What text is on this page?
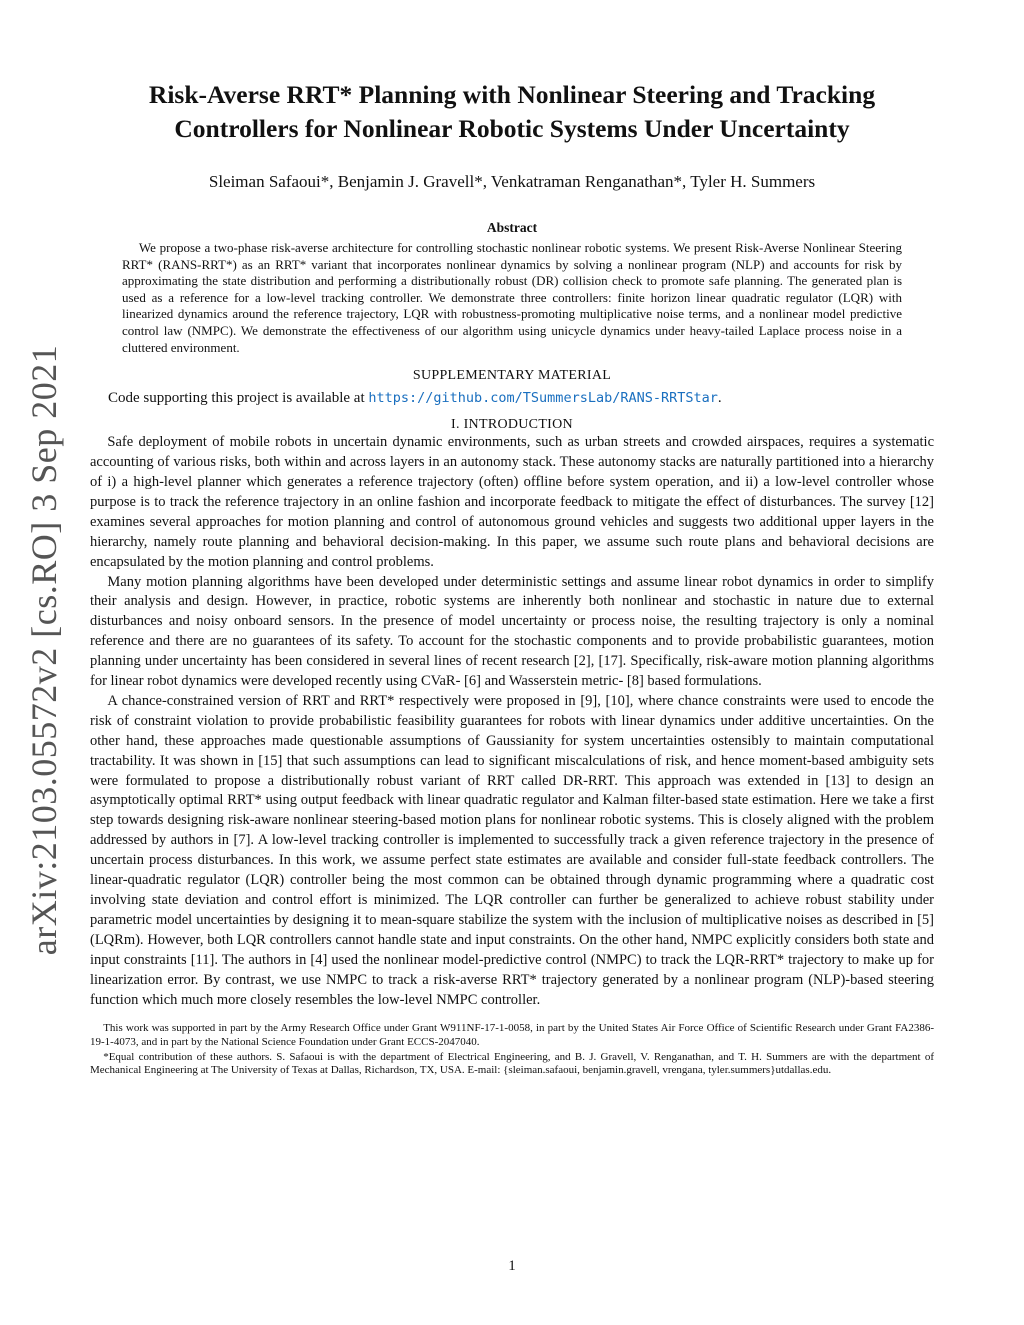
arXiv:2103.05572v2 [cs.RO] 3 Sep 2021
Risk-Averse RRT* Planning with Nonlinear Steering and Tracking
Controllers for Nonlinear Robotic Systems Under Uncertainty
Sleiman Safaoui*, Benjamin J. Gravell*, Venkatraman Renganathan*, Tyler H. Summers
Abstract

We propose a two-phase risk-averse architecture for controlling stochastic nonlinear robotic systems. We present Risk-Averse Nonlinear Steering RRT* (RANS-RRT*) as an RRT* variant that incorporates nonlinear dynamics by solving a nonlinear program (NLP) and accounts for risk by approximating the state distribution and performing a distributionally robust (DR) collision check to promote safe planning. The generated plan is used as a reference for a low-level tracking controller. We demonstrate three controllers: finite horizon linear quadratic regulator (LQR) with linearized dynamics around the reference trajectory, LQR with robustness-promoting multiplicative noise terms, and a nonlinear model predictive control law (NMPC). We demonstrate the effectiveness of our algorithm using unicycle dynamics under heavy-tailed Laplace process noise in a cluttered environment.

SUPPLEMENTARY MATERIAL

Code supporting this project is available at https://github.com/TSummersLab/RANS-RRTStar.

I. INTRODUCTION

Safe deployment of mobile robots in uncertain dynamic environments, such as urban streets and crowded airspaces, requires a systematic accounting of various risks, both within and across layers in an autonomy stack. These autonomy stacks are naturally partitioned into a hierarchy of i) a high-level planner which generates a reference trajectory (often) offline before system operation, and ii) a low-level controller whose purpose is to track the reference trajectory in an online fashion and incorporate feedback to mitigate the effect of disturbances. The survey [12] examines several approaches for motion planning and control of autonomous ground vehicles and suggests two additional upper layers in the hierarchy, namely route planning and behavioral decision-making. In this paper, we assume such route plans and behavioral decisions are encapsulated by the motion planning and control problems.

Many motion planning algorithms have been developed under deterministic settings and assume linear robot dynamics in order to simplify their analysis and design. However, in practice, robotic systems are inherently both nonlinear and stochastic in nature due to external disturbances and noisy onboard sensors. In the presence of model uncertainty or process noise, the resulting trajectory is only a nominal reference and there are no guarantees of its safety. To account for the stochastic components and to provide probabilistic guarantees, motion planning under uncertainty has been considered in several lines of recent research [2], [17]. Specifically, risk-aware motion planning algorithms for linear robot dynamics were developed recently using CVaR- [6] and Wasserstein metric- [8] based formulations.

A chance-constrained version of RRT and RRT* respectively were proposed in [9], [10], where chance constraints were used to encode the risk of constraint violation to provide probabilistic feasibility guarantees for robots with linear dynamics under additive uncertainties. On the other hand, these approaches made questionable assumptions of Gaussianity for system uncertainties ostensibly to maintain computational tractability. It was shown in [15] that such assumptions can lead to significant miscalculations of risk, and hence moment-based ambiguity sets were formulated to propose a distributionally robust variant of RRT called DR-RRT. This approach was extended in [13] to design an asymptotically optimal RRT* using output feedback with linear quadratic regulator and Kalman filter-based state estimation. Here we take a first step towards designing risk-aware nonlinear steering-based motion plans for nonlinear robotic systems. This is closely aligned with the problem addressed by authors in [7]. A low-level tracking controller is implemented to successfully track a given reference trajectory in the presence of uncertain process disturbances. In this work, we assume perfect state estimates are available and consider full-state feedback controllers. The linear-quadratic regulator (LQR) controller being the most common can be obtained through dynamic programming where a quadratic cost involving state deviation and control effort is minimized. The LQR controller can further be generalized to achieve robust stability under parametric model uncertainties by designing it to mean-square stabilize the system with the inclusion of multiplicative noises as described in [5] (LQRm). However, both LQR controllers cannot handle state and input constraints. On the other hand, NMPC explicitly considers both state and input constraints [11]. The authors in [4] used the nonlinear model-predictive control (NMPC) to track the LQR-RRT* trajectory to make up for linearization error. By contrast, we use NMPC to track a risk-averse RRT* trajectory generated by a nonlinear program (NLP)-based steering function which much more closely resembles the low-level NMPC controller.

This work was supported in part by the Army Research Office under Grant W911NF-17-1-0058, in part by the United States Air Force Office of Scientific Research under Grant FA2386-19-1-4073, and in part by the National Science Foundation under Grant ECCS-2047040.

*Equal contribution of these authors. S. Safaoui is with the department of Electrical Engineering, and B. J. Gravell, V. Renganathan, and T. H. Summers are with the department of Mechanical Engineering at The University of Texas at Dallas, Richardson, TX, USA. E-mail: {sleiman.safaoui, benjamin.gravell, vrengana, tyler.summers}utdallas.edu.

1
